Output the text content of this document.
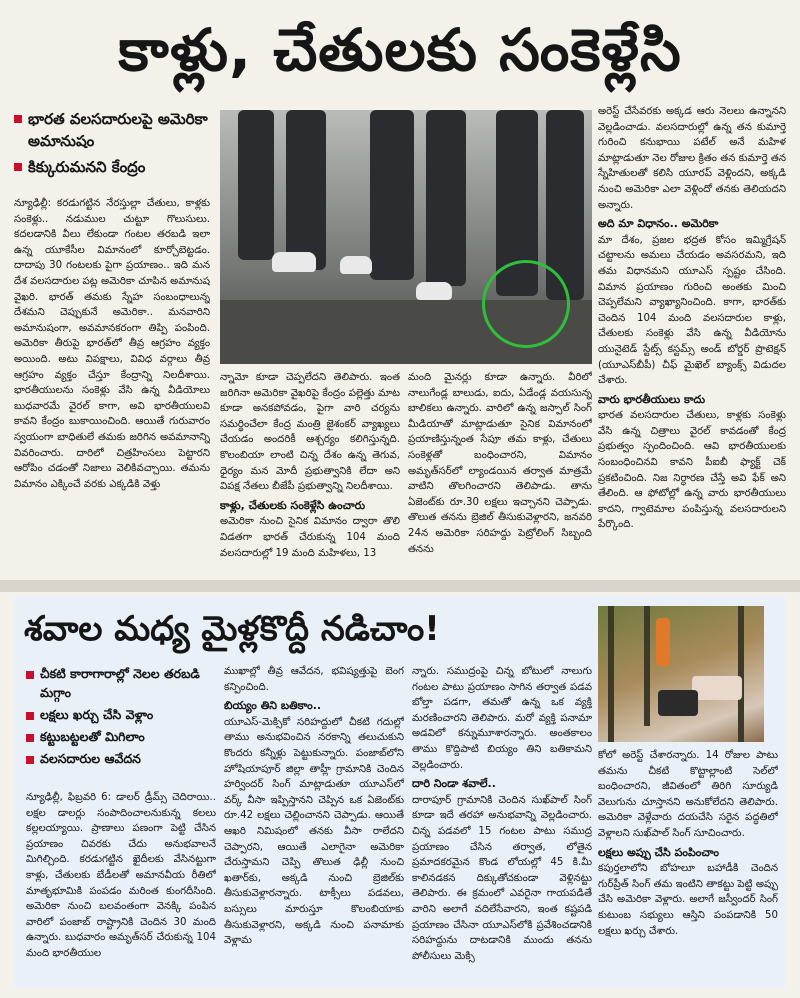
కాళ్లు, చేతులకు సంకెళ్లేసి
భారత వలసదారులపై అమెరికా అమానుషం
కిక్కురుమనని కేంద్రం

న్యూఢిల్లీ: కరడుగట్టిన నేరస్తుల్లా చేతులు, కాళ్లకు సంకెళ్లు.. నడుముల చుట్టూ గొలుసులు. కదలడానికి వీలు లేకుండా గంటల తరబడి ఇలా ఉన్న యూకేసీల విమానంలో కూర్చోబెట్టడం. దాదాపు 30 గంటలకు పైగా ప్రయాణం.. ఇది మన దేశ వలసదారుల పట్ల అమెరికా చూపిన అమానుష వైఖరి. భారత్ తమకు స్నేహ సంబంధాలున్న దేశమని చెప్పుకునే అమెరికా.. మనవారిని అమానుషంగా, అవమానకరంగా తిప్పి పంపింది. అమెరికా తీరుపై భారత్‌లో తీవ్ర ఆగ్రహం వ్యక్తం అయింది. అటు విపక్షాలు, వివిధ వర్గాలు తీవ్ర ఆగ్రహం వ్యక్తం చేస్తూ కేంద్రాన్ని నిలదీశాయి. భారతీయులను సంకెళ్లు వేసి ఉన్న వీడియోలు బుధవారమే వైరల్ కాగా, అవి భారతీయులవి కావని కేంద్రం బుకాయించింది. ఆయితే గురువారం స్వయంగా బాధితులే తమకు జరిగిన అవమానాన్ని వివరించారు. దారిలో చిత్రహింసలు పెట్టారని ఆరోపిం చడంతో నిజాలు వెలికివచ్చాయి. తమను విమానం ఎక్కించే వరకు ఎక్కడికి వెళ్తు

న్నామో కూడా చెప్పలేదని తెలిపారు. ఇంత జరిగినా అమెరికా వైఖరిపై కేంద్రం పల్లెత్తు మాట కూడా అనకపోవడం, పైగా వారి చర్యను సమర్థించేలా కేంద్ర మంత్రి జైశంకర్ వ్యాఖ్యలు చేయడం అందరికీ ఆశ్చర్యం కలిగిస్తున్నది. కొలంబియా లాంటి చిన్న దేశం ఉన్న తెగువ, ధైర్యం మన మోదీ ప్రభుత్వానికి లేదా అని విపక్ష నేతలు బీజేపీ ప్రభుత్వాన్ని నిలదీశాయి.

కాళ్లు, చేతులకు సంకెళ్లేసి ఉంచారు

అమెరికా నుంచి సైనిక విమానం ద్వారా తొలి విడతగా భారత్ చేరుకున్న 104 మంది వలసదారుల్లో 19 మంది మహిళలు, 13

మంది మైనర్లు కూడా ఉన్నారు. వీరిలో నాలుగేండ్ల బాలుడు, ఐదు, ఏడేండ్ల వయసున్న బాలికలు ఉన్నారు. వారిలో ఉన్న జస్పాల్ సింగ్ మీడియాతో మాట్లాడుతూ సైనిక విమానంలో ప్రయాణిస్తున్నంత సేపూ తమ కాళ్లు, చేతులు సంకెళ్లతో బంధించారని, విమానం అమృత్‌సర్‌లో ల్యాండయిన తర్వాత మాత్రమే వాటిని తొలగించారని తెలిపాడు. తాను ఏజెంట్‌కు రూ.30 లక్షలు ఇచ్చానని చెప్పాడు. తొలుత తనను బ్రెజిల్ తీసుకువెళ్లారని, జనవరి 24న అమెరికా సరిహద్దు పెట్రోలింగ్ సిబ్బంది తనను

అరెస్ట్ చేసేవరకు అక్కడ ఆరు నెలలు ఉన్నానని వెల్లడించాడు. వలసదారుల్లో ఉన్న తన కుమార్తె గురించి కనుభాయి పటేల్ అనే మహిళ మాట్లాడుతూ నెల రోజుల క్రితం తన కుమార్తె తన స్నేహితులతో కలిసి యూరప్ వెళ్లిందని, అక్కడి నుంచి అమెరికా ఎలా వెళ్లిందో తనకు తెలియదని అన్నారు.

అది మా విధానం.. అమెరికా

మా దేశం, ప్రజల భద్రత కోసం ఇమ్మిగ్రేషన్ చట్టాలను అమలు చేయడం అవసరమని, ఇది తమ విధానమని యూఎస్ స్పష్టం చేసింది. విమాన ప్రయాణం గురించి అంతకు మించి చెప్పలేమని వ్యాఖ్యానించింది. కాగా, భారత్‌కు చెందిన 104 మంది వలసదారుల కాళ్లు, చేతులకు సంకెళ్లు వేసి ఉన్న వీడియోను యునైటెడ్ స్టేట్స్ కస్టమ్స్ అండ్ బోర్డర్ ప్రొటెక్షన్ (యూఎస్‌బీపీ) చీఫ్ మైఖెల్ బ్యాంక్స్ విడుదల చేశారు.

వారు భారతీయులు కాదు

భారత వలసదారుల చేతులు, కాళ్లకు సంకెళ్లు వేసి ఉన్న చిత్రాలు వైరల్ కావడంతో కేంద్ర ప్రభుత్వం స్పందించింది. ఆవి భారతీయులకు సంబంధించినవి కావని పీఐబీ ఫ్యాక్ట్ చెక్ ప్రకటించింది. నిజ నిర్ధారణ చేస్తే అవి ఫేక్ అని తేలింది. ఆ ఫోటోల్లో ఉన్న వారు భారతీయులు కాదని, గ్వాటెమాల పంపిస్తున్న వలసదారులని పేర్కొంది.

శవాల మధ్య మైళ్లకొద్దీ నడిచాం!
చీకటి కారాగారాల్లో నెలల తరబడి మగ్గాం
లక్షలు ఖర్చు చేసి వెళ్లాం
కట్టుబట్టలతో మిగిలాం
వలసదారుల ఆవేదన

న్యూఢిల్లీ, ఫిబ్రవరి 6: డాలర్ డ్రీమ్స్ చెదిరాయి.. లక్షల డాలర్లు సంపాదించాలనుకున్న కలలు కల్లలయ్యాయి. ప్రాణాలు పణంగా పెట్టి చేసిన ప్రయాణం చివరకు చేదు అనుభవాలనే మిగిల్చింది. కరడుగట్టిన ఖైదీలకు వేసినట్టుగా కాళ్లు, చేతులకు బేడీలతో అమానవీయ రీతిలో మాతృభూమికి పంపడం మరింత కుంగదీసింది. అమెరికా నుంచి బలవంతంగా వెనక్కి పంపిన వారిలో పంజాబ్ రాష్ట్రానికి చెందిన 30 మంది ఉన్నారు. బుధవారం అమృత్‌సర్ చేరుకున్న 104 మంది భారతీయుల

ముఖాల్లో తీవ్ర ఆవేదన, భవిష్యత్తుపై బెంగ కన్పించింది.

బియ్యం తిని బతికాం..

యూఎస్-మెక్సికో సరిహద్దులో చీకటి గదుల్లో తాము అనుభవించిన నరకాన్ని తలుచుకుని కొందరు కన్నీళ్లు పెట్టుకున్నారు. పంజాబ్‌లోని హోషియాపూర్ జిల్లా తాహ్లీ గ్రామానికి చెందిన హర్విందర్ సింగ్ మాట్లాడుతూ యూఎస్‌లో వర్క్ వీసా ఇప్పిస్తానని చెప్పిన ఒక ఏజెంట్‌కు రూ.42 లక్షలు చెల్లించానని చెప్పాడు. ఆయితే ఆఖరి నిమిషంలో తనకు వీసా రాలేదని చెప్పారని, ఆయితే ఎలాగైనా అమెరికా చేరుస్తామని చెప్పి తొలుత ఢిల్లీ నుంచి ఖతార్‌కు, అక్కడి నుంచి బ్రెజిల్‌కు తీసుకువెళ్లారన్నారు. టాక్సీలు పడవలు, బస్సులు మారుస్తూ కొలంబియాకు తీసుకువెళ్లారని, అక్కడి నుంచి పనామాకు వెళ్లామ

న్నారు. సముద్రంపై చిన్న బోటులో నాలుగు గంటల పాటు ప్రయాణం సాగిన తర్వాత పడవ బోల్తా పడగా, తమతో ఉన్న ఒక వ్యక్తి మరణించారని తెలిపారు. మరో వ్యక్తి పనామా అడవిలో కన్నుమూశారన్నారు. అంతకాలం తాము కొద్దిపాటి బియ్యం తిని బతికామని వెల్లడించారు.

దారి నిండా శవాలే..

దారాపూర్ గ్రామానికి చెందిన సుఖ్‌పాల్ సింగ్ కూడా ఇదే తరహా అనుభవాన్ని వెల్లడించారు. చిన్న పడవలో 15 గంటల పాటు సముద్ర ప్రయాణం చేసిన తర్వాత, లోతైన ప్రమాదకరమైన కొండ లోయల్లో 45 కి.మీ కాలినడకన దిక్కుతోచకుండా వెళ్లినట్టు తెలిపారు. ఈ క్రమంలో ఎవరైనా గాయపడితే వారిని అలాగే వదిలేసేవారని, ఇంత కష్టపడి ప్రయాణం చేసినా యూఎస్‌లోకి ప్రవేశించడానికి సరిహద్దును దాటడానికి ముందు తనను పోలీసులు మెక్సి

కోలో అరెస్ట్ చేశారన్నారు. 14 రోజుల పాటు తమను చీకటి కొట్టాల్లాంటి సెల్‌లో బంధించారని, జీవితంలో తిరిగి సూర్యుడి వెలుగును చూస్తానని అనుకోలేదని తెలిపారు. అమెరికా వెళ్లేవారు దయచేసి సరైన పద్ధతిలో వెళ్లాలని సుఖ్‌పాల్ సింగ్ సూచించారు.

లక్షలు అప్పు చేసి పంపించాం

కపుర్తలాలోని బోహలూ బహాడీకి చెందిన గుర్‌ప్రీత్ సింగ్ తమ ఇంటిని తాకట్టు పెట్టి అప్పు చేసి అమెరికా వెళ్లారు. అలాగే జస్వీందర్ సింగ్ కుటుంబ సభ్యులు ఆస్తిని పంపడానికి 50 లక్షలు ఖర్చు చేశారు.
